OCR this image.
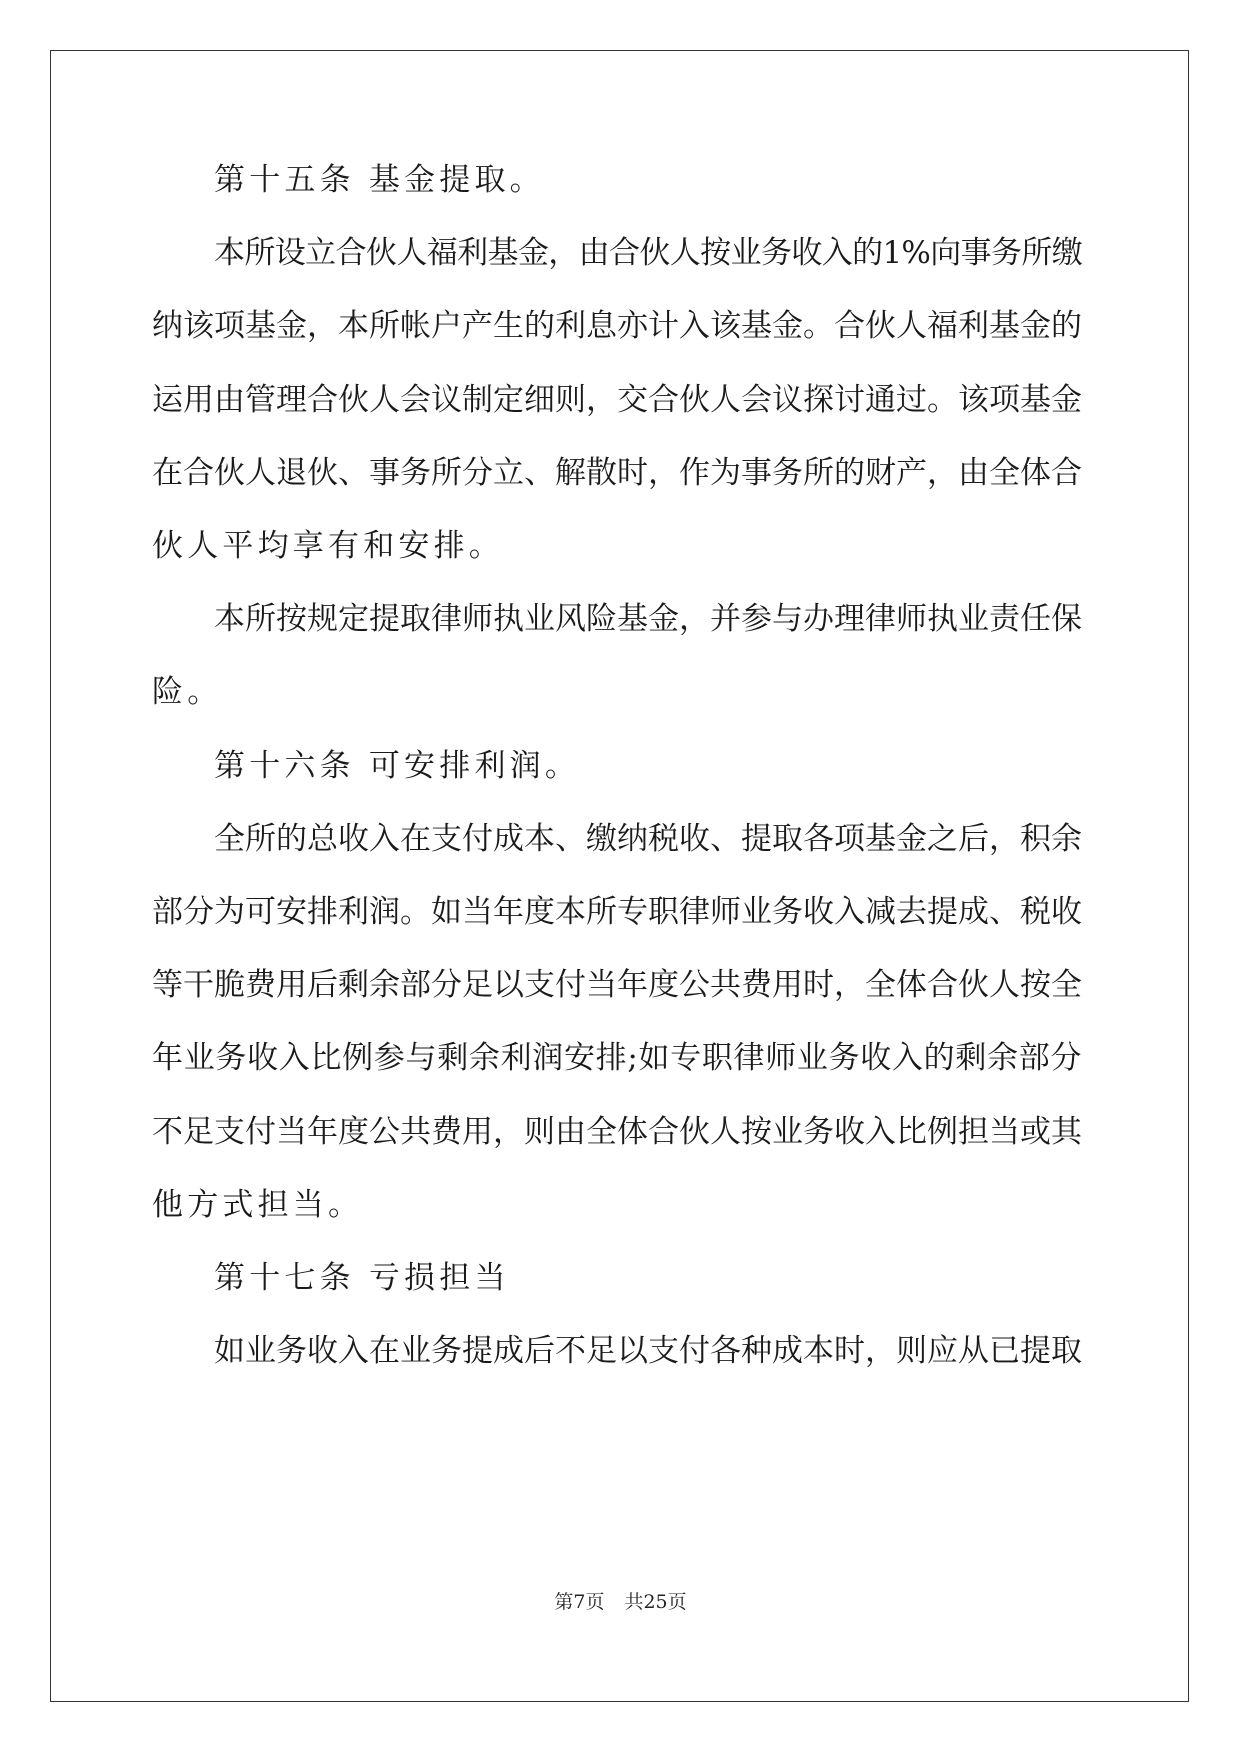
第十五条 基金提取。
本所设立合伙人福利基金，由合伙人按业务收入的1%向事务所缴
纳该项基金，本所帐户产生的利息亦计入该基金。合伙人福利基金的
运用由管理合伙人会议制定细则，交合伙人会议探讨通过。该项基金
在合伙人退伙、事务所分立、解散时，作为事务所的财产，由全体合
伙人平均享有和安排。
本所按规定提取律师执业风险基金，并参与办理律师执业责任保
险。
第十六条 可安排利润。
全所的总收入在支付成本、缴纳税收、提取各项基金之后，积余
部分为可安排利润。如当年度本所专职律师业务收入减去提成、税收
等干脆费用后剩余部分足以支付当年度公共费用时，全体合伙人按全
年业务收入比例参与剩余利润安排;如专职律师业务收入的剩余部分
不足支付当年度公共费用，则由全体合伙人按业务收入比例担当或其
他方式担当。
第十七条 亏损担当
如业务收入在业务提成后不足以支付各种成本时，则应从已提取
第7页 共25页
